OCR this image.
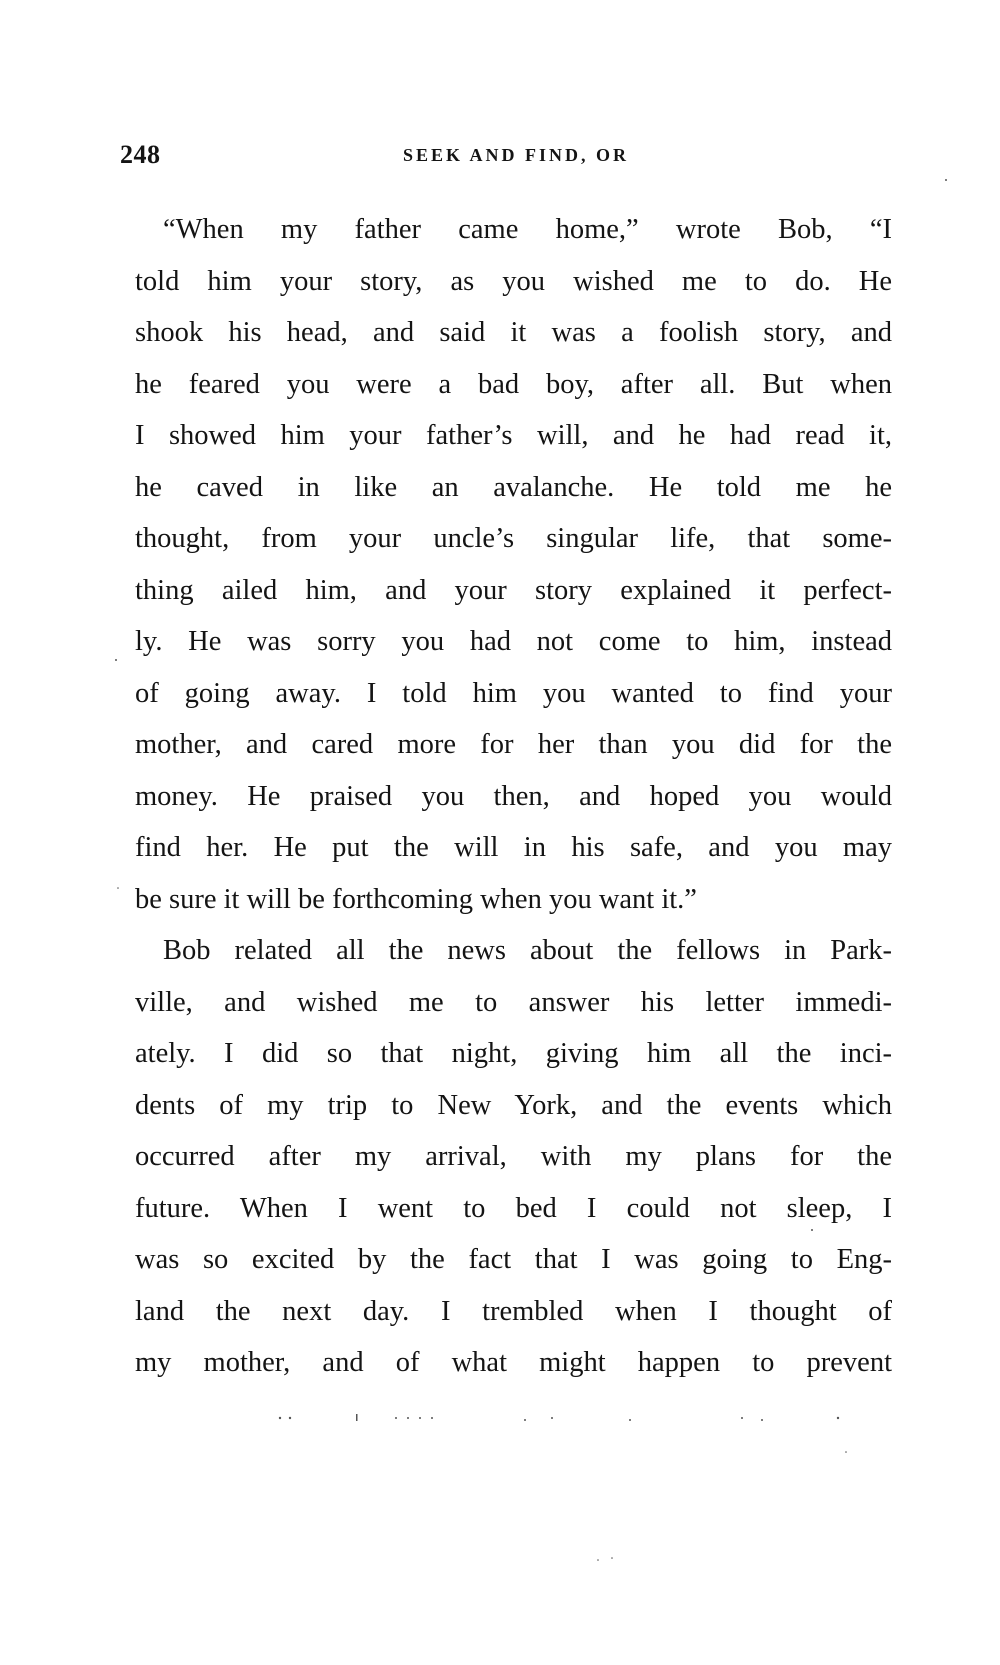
248	SEEK AND FIND, OR
“When my father came home,” wrote Bob, “I
told him your story, as you wished me to do. He
shook his head, and said it was a foolish story, and
he feared you were a bad boy, after all. But when
I showed him your father’s will, and he had read it,
he caved in like an avalanche. He told me he
thought, from your uncle’s singular life, that some-
thing ailed him, and your story explained it perfect-
ly. He was sorry you had not come to him, instead
of going away. I told him you wanted to find your
mother, and cared more for her than you did for the
money. He praised you then, and hoped you would
find her. He put the will in his safe, and you may
be sure it will be forthcoming when you want it.”
Bob related all the news about the fellows in Park-
ville, and wished me to answer his letter immedi-
ately. I did so that night, giving him all the inci-
dents of my trip to New York, and the events which
occurred after my arrival, with my plans for the
future. When I went to bed I could not sleep, I
was so excited by the fact that I was going to Eng-
land the next day. I trembled when I thought of
my mother, and of what might happen to prevent
